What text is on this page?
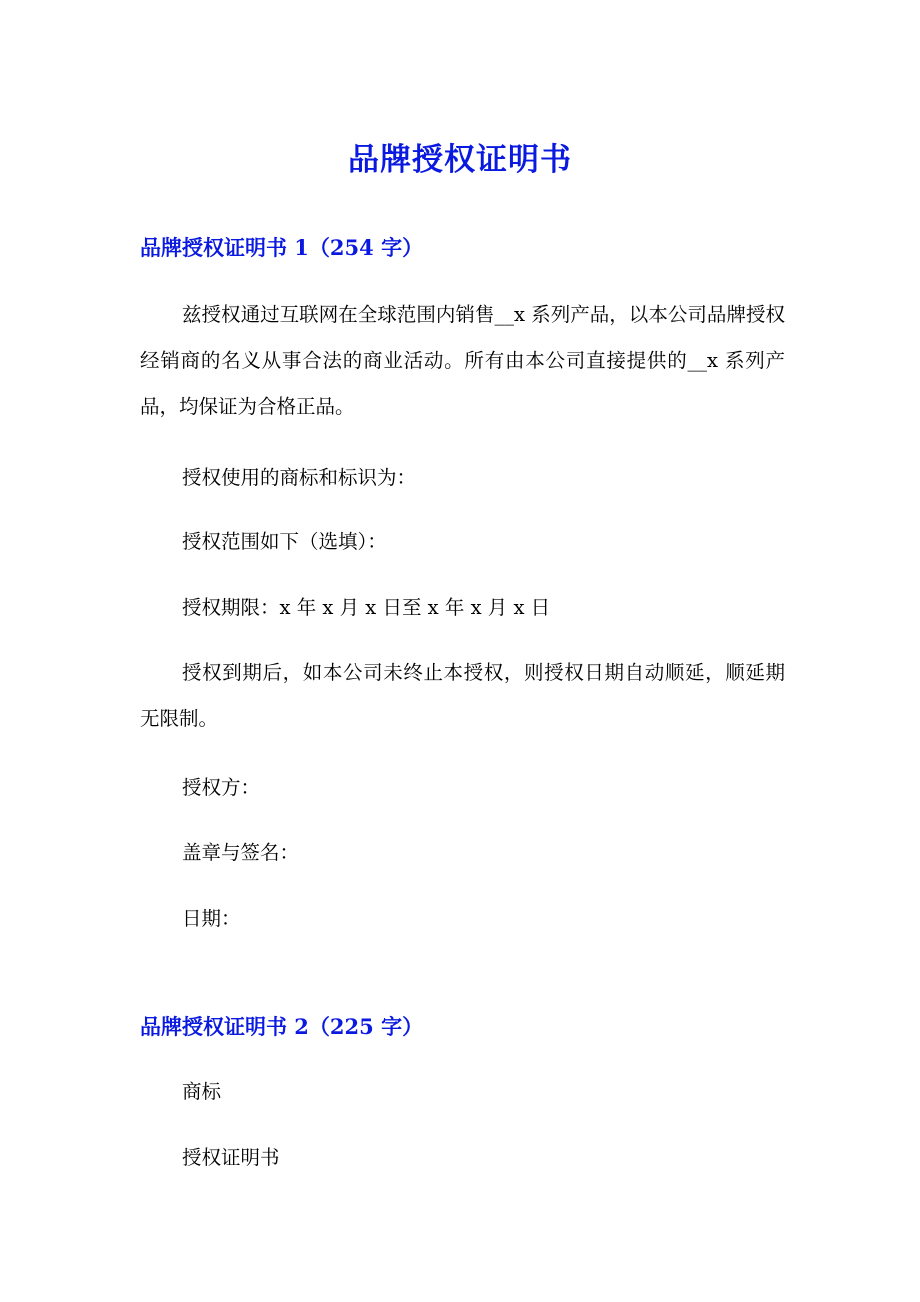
品牌授权证明书
品牌授权证明书 1（254 字）
兹授权通过互联网在全球范围内销售__x 系列产品，以本公司品牌授权经销商的名义从事合法的商业活动。所有由本公司直接提供的__x 系列产品，均保证为合格正品。
授权使用的商标和标识为：
授权范围如下（选填）：
授权期限：x 年 x 月 x 日至 x 年 x 月 x 日
授权到期后，如本公司未终止本授权，则授权日期自动顺延，顺延期无限制。
授权方：
盖章与签名：
日期：
品牌授权证明书 2（225 字）
商标
授权证明书
